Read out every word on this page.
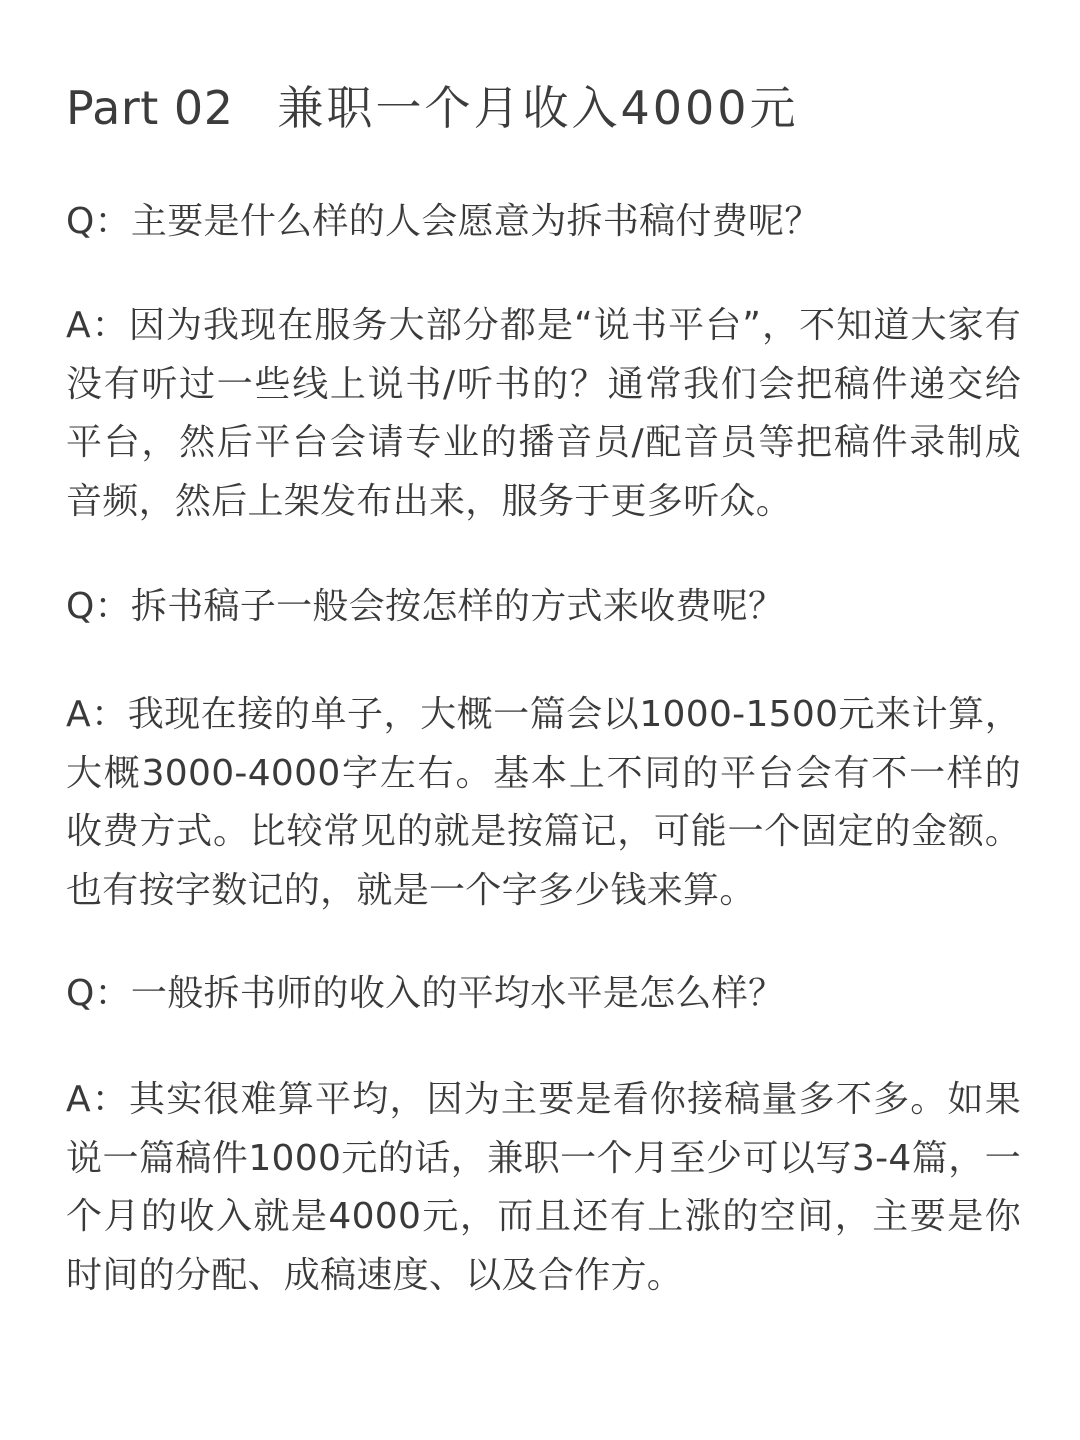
Part 02 兼职一个月收入4000元

Q：主要是什么样的人会愿意为拆书稿付费呢？

A：因为我现在服务大部分都是“说书平台”，不知道大家有没有听过一些线上说书/听书的？通常我们会把稿件递交给平台，然后平台会请专业的播音员/配音员等把稿件录制成音频，然后上架发布出来，服务于更多听众。

Q：拆书稿子一般会按怎样的方式来收费呢？

A：我现在接的单子，大概一篇会以1000-1500元来计算，大概3000-4000字左右。基本上不同的平台会有不一样的收费方式。比较常见的就是按篇记，可能一个固定的金额。也有按字数记的，就是一个字多少钱来算。

Q：一般拆书师的收入的平均水平是怎么样？

A：其实很难算平均，因为主要是看你接稿量多不多。如果说一篇稿件1000元的话，兼职一个月至少可以写3-4篇，一个月的收入就是4000元，而且还有上涨的空间，主要是你时间的分配、成稿速度、以及合作方。
